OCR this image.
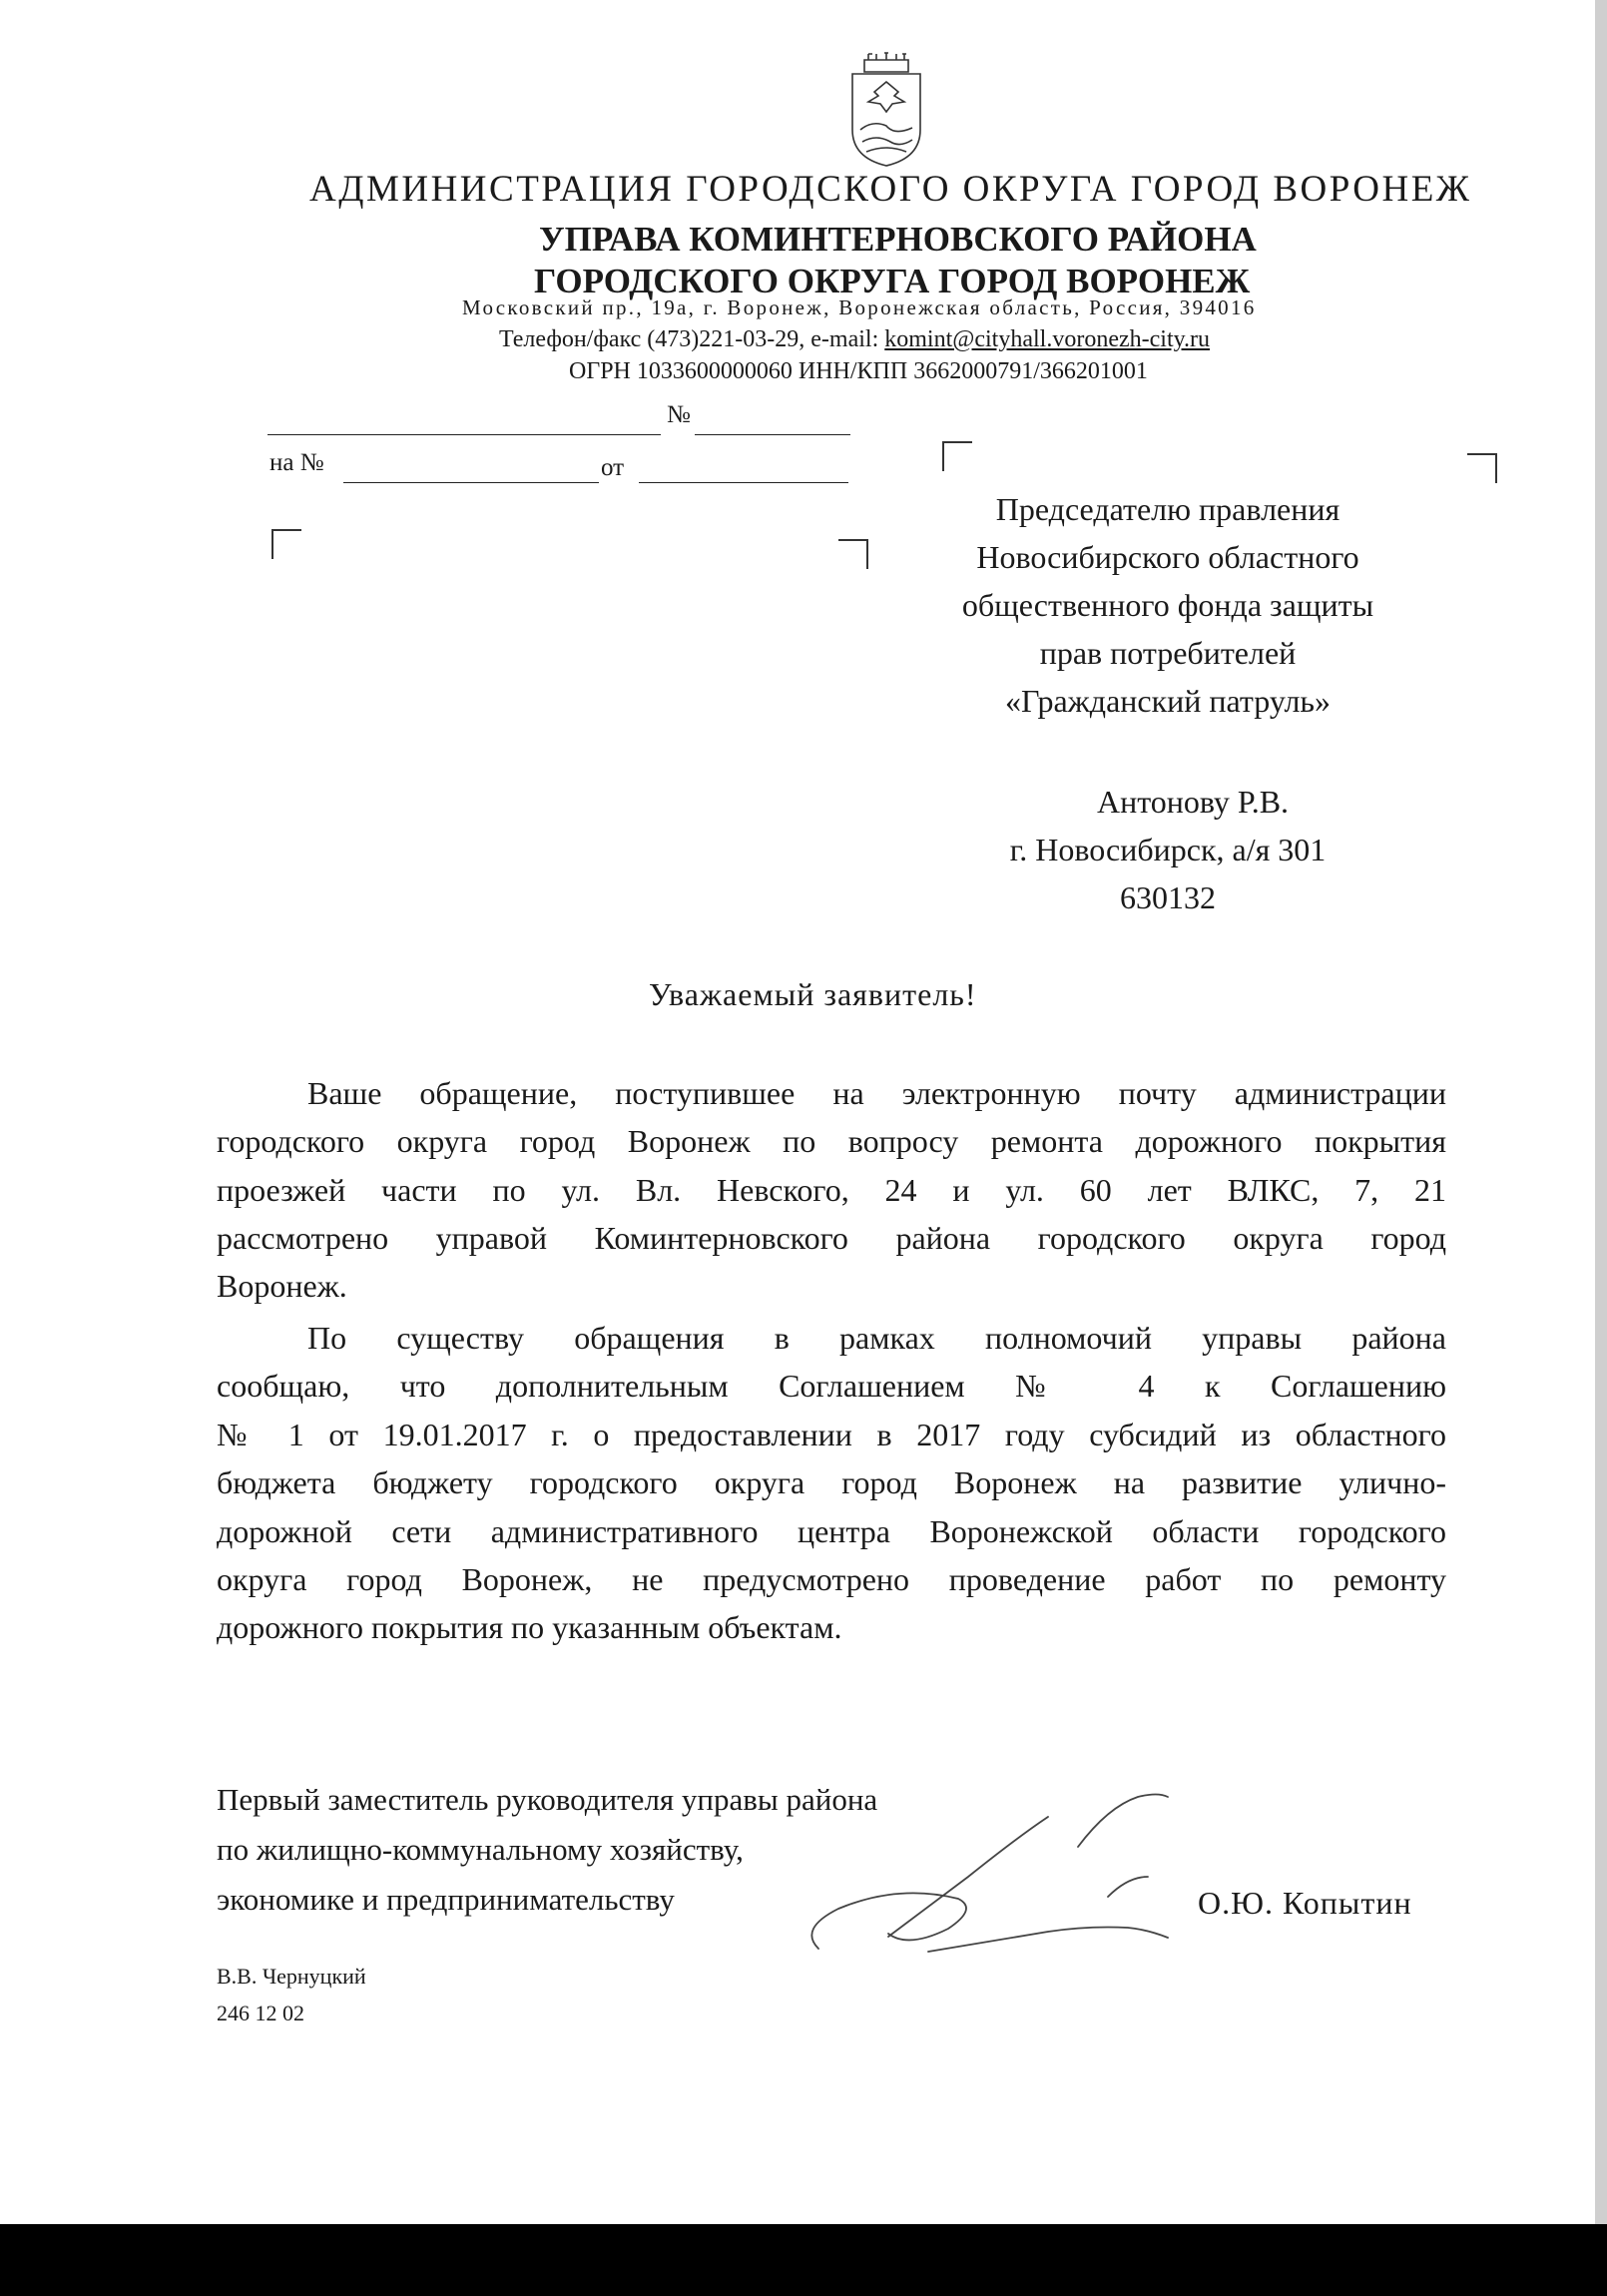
АДМИНИСТРАЦИЯ ГОРОДСКОГО ОКРУГА ГОРОД ВОРОНЕЖ
УПРАВА КОМИНТЕРНОВСКОГО РАЙОНА
ГОРОДСКОГО ОКРУГА ГОРОД ВОРОНЕЖ
Московский пр., 19а, г. Воронеж, Воронежская область, Россия, 394016
Телефон/факс (473)221-03-29, e-mail: komint@cityhall.voronezh-city.ru
ОГРН 1033600000060 ИНН/КПП 3662000791/366201001
№
на №	от
Председателю правления
Новосибирского областного
общественного фонда защиты
прав потребителей
«Гражданский патруль»
Антонову Р.В.
г. Новосибирск, а/я 301
630132
Уважаемый заявитель!
Ваше обращение, поступившее на электронную почту администрации
городского округа город Воронеж по вопросу ремонта дорожного покрытия
проезжей части по ул. Вл. Невского, 24 и ул. 60 лет ВЛКС, 7, 21
рассмотрено управой Коминтерновского района городского округа город
Воронеж.
По существу обращения в рамках полномочий управы района
сообщаю, что дополнительным Соглашением № 4 к Соглашению
№ 1 от 19.01.2017 г. о предоставлении в 2017 году субсидий из областного
бюджета бюджету городского округа город Воронеж на развитие улично-
дорожной сети административного центра Воронежской области городского
округа город Воронеж, не предусмотрено проведение работ по ремонту
дорожного покрытия по указанным объектам.
Первый заместитель руководителя управы района
по жилищно-коммунальному хозяйству,
экономике и предпринимательству	О.Ю. Копытин
В.В. Чернуцкий
246 12 02
